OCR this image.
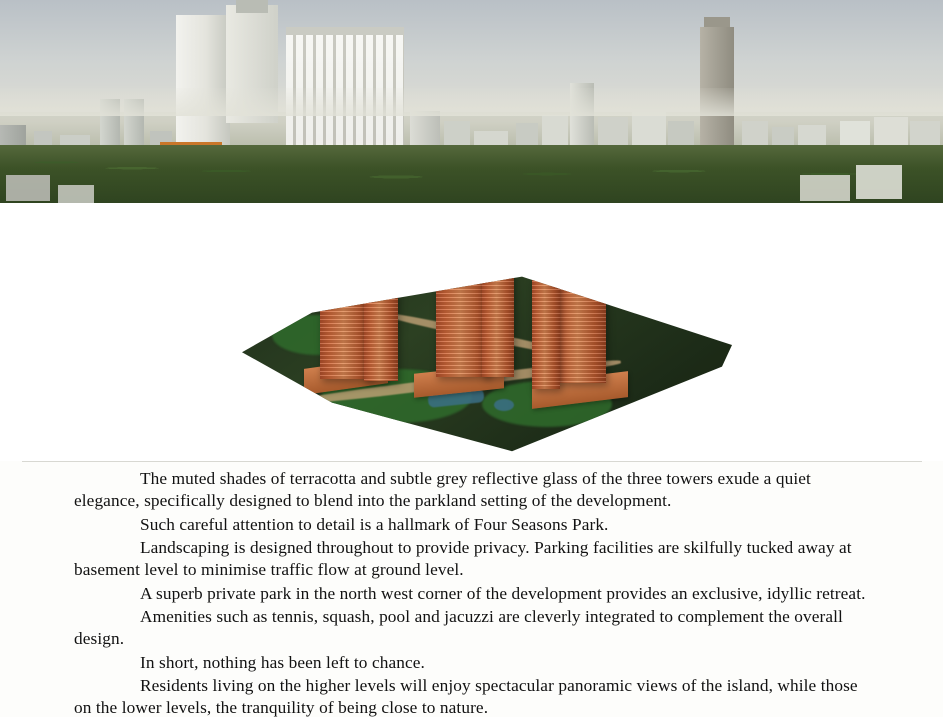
The muted shades of terracotta and subtle grey reflective glass of the three towers exude a quiet elegance, specifically designed to blend into the parkland setting of the development.

Such careful attention to detail is a hallmark of Four Seasons Park.

Landscaping is designed throughout to provide privacy. Parking facilities are skilfully tucked away at basement level to minimise traffic flow at ground level.

A superb private park in the north west corner of the development provides an exclusive, idyllic retreat.

Amenities such as tennis, squash, pool and jacuzzi are cleverly integrated to complement the overall design.

In short, nothing has been left to chance.

Residents living on the higher levels will enjoy spectacular panoramic views of the island, while those on the lower levels, the tranquility of being close to nature.
